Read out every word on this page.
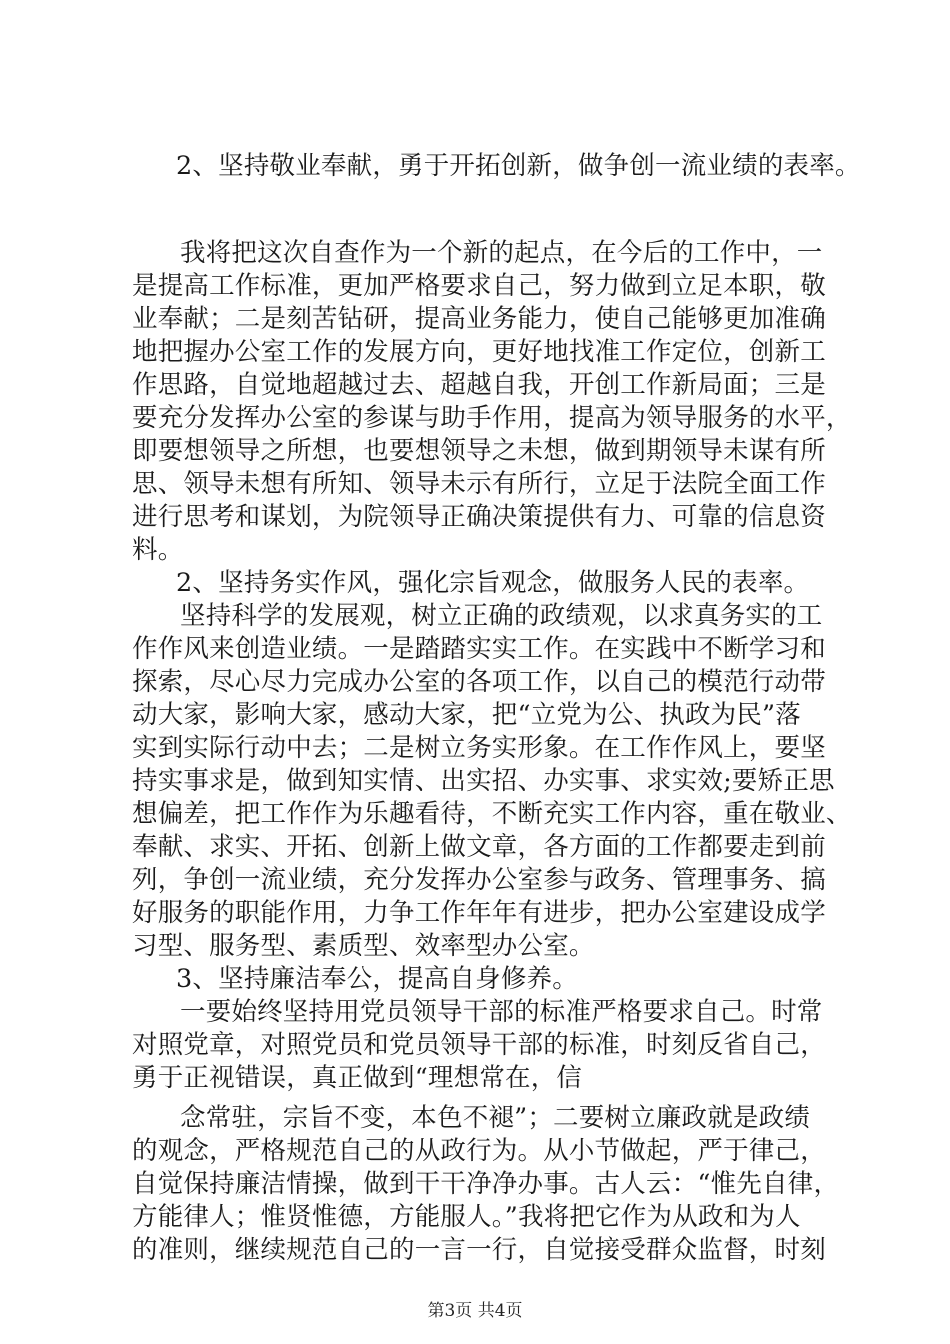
2、坚持敬业奉献，勇于开拓创新，做争创一流业绩的表率。
我将把这次自查作为一个新的起点，在今后的工作中，一
是提高工作标准，更加严格要求自己，努力做到立足本职，敬
业奉献；二是刻苦钻研，提高业务能力，使自己能够更加准确
地把握办公室工作的发展方向，更好地找准工作定位，创新工
作思路，自觉地超越过去、超越自我，开创工作新局面；三是
要充分发挥办公室的参谋与助手作用，提高为领导服务的水平，
即要想领导之所想，也要想领导之未想，做到期领导未谋有所
思、领导未想有所知、领导未示有所行，立足于法院全面工作
进行思考和谋划，为院领导正确决策提供有力、可靠的信息资
料。
2、坚持务实作风，强化宗旨观念，做服务人民的表率。
坚持科学的发展观，树立正确的政绩观，以求真务实的工
作作风来创造业绩。一是踏踏实实工作。在实践中不断学习和
探索，尽心尽力完成办公室的各项工作，以自己的模范行动带
动大家，影响大家，感动大家，把“立党为公、执政为民”落
实到实际行动中去；二是树立务实形象。在工作作风上，要坚
持实事求是，做到知实情、出实招、办实事、求实效;要矫正思
想偏差，把工作作为乐趣看待，不断充实工作内容，重在敬业、
奉献、求实、开拓、创新上做文章，各方面的工作都要走到前
列，争创一流业绩，充分发挥办公室参与政务、管理事务、搞
好服务的职能作用，力争工作年年有进步，把办公室建设成学
习型、服务型、素质型、效率型办公室。
3、坚持廉洁奉公，提高自身修养。
一要始终坚持用党员领导干部的标准严格要求自己。时常
对照党章，对照党员和党员领导干部的标准，时刻反省自己，
勇于正视错误，真正做到“理想常在，信
念常驻，宗旨不变，本色不褪”；二要树立廉政就是政绩
的观念，严格规范自己的从政行为。从小节做起，严于律己，
自觉保持廉洁情操，做到干干净净办事。古人云：“惟先自律，
方能律人；惟贤惟德，方能服人。”我将把它作为从政和为人
的准则，继续规范自己的一言一行，自觉接受群众监督，时刻
第3页 共4页
